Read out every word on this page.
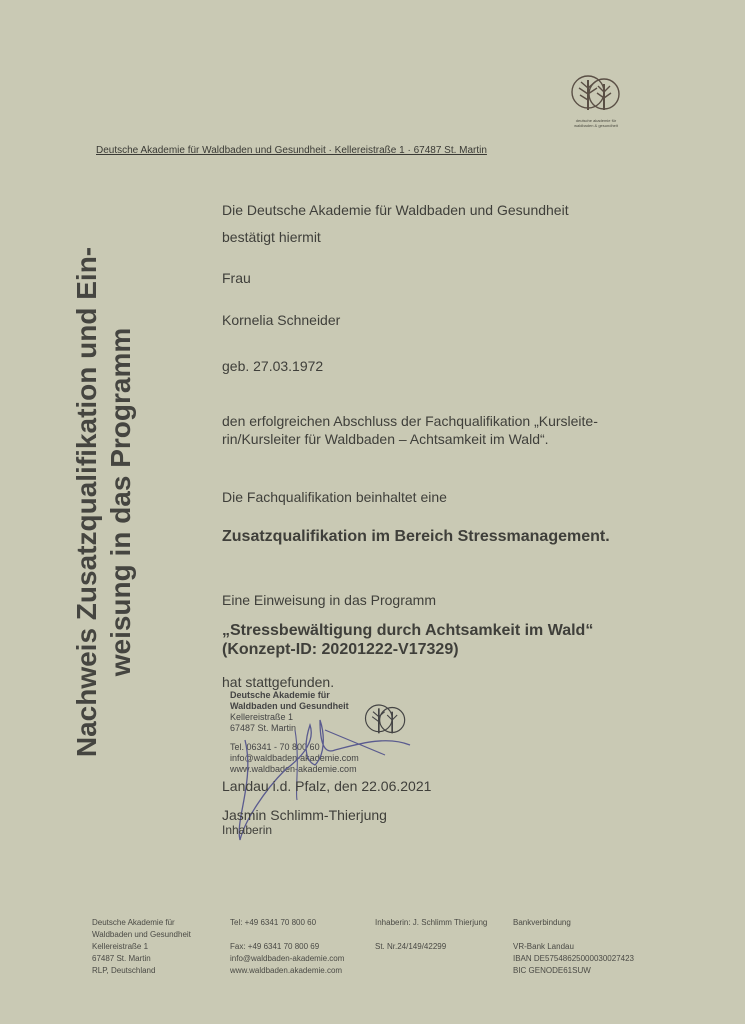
deutsche akademie für
waldbaden & gesundheit
Deutsche Akademie für Waldbaden und Gesundheit · Kellereistraße 1 · 67487 St. Martin
Nachweis Zusatzqualifikation und Ein- weisung in das Programm
Die Deutsche Akademie für Waldbaden und Gesundheit
bestätigt hiermit
Frau
Kornelia Schneider
geb. 27.03.1972
den erfolgreichen Abschluss der Fachqualifikation „Kursleite-
rin/Kursleiter für Waldbaden – Achtsamkeit im Wald“.
Die Fachqualifikation beinhaltet eine
Zusatzqualifikation im Bereich Stressmanagement.
Eine Einweisung in das Programm
„Stressbewältigung durch Achtsamkeit im Wald“
(Konzept-ID: 20201222-V17329)
hat stattgefunden.
Deutsche Akademie für
Waldbaden und Gesundheit
Kellereistraße 1
67487 St. Martin
Tel. 06341 - 70 800 60
info@waldbaden-akademie.com
www.waldbaden-akademie.com
Landau i.d. Pfalz, den 22.06.2021
Jasmin Schlimm-Thierjung
Inhaberin
Deutsche Akademie für
Waldbaden und Gesundheit
Kellereistraße 1
67487 St. Martin
RLP, Deutschland
Tel: +49 6341 70 800 60

Fax: +49 6341 70 800 69
info@waldbaden-akademie.com
www.waldbaden.akademie.com
Inhaberin: J. Schlimm Thierjung

St. Nr.24/149/42299
Bankverbindung

VR-Bank Landau
IBAN DE57548625000030027423
BIC GENODE61SUW
